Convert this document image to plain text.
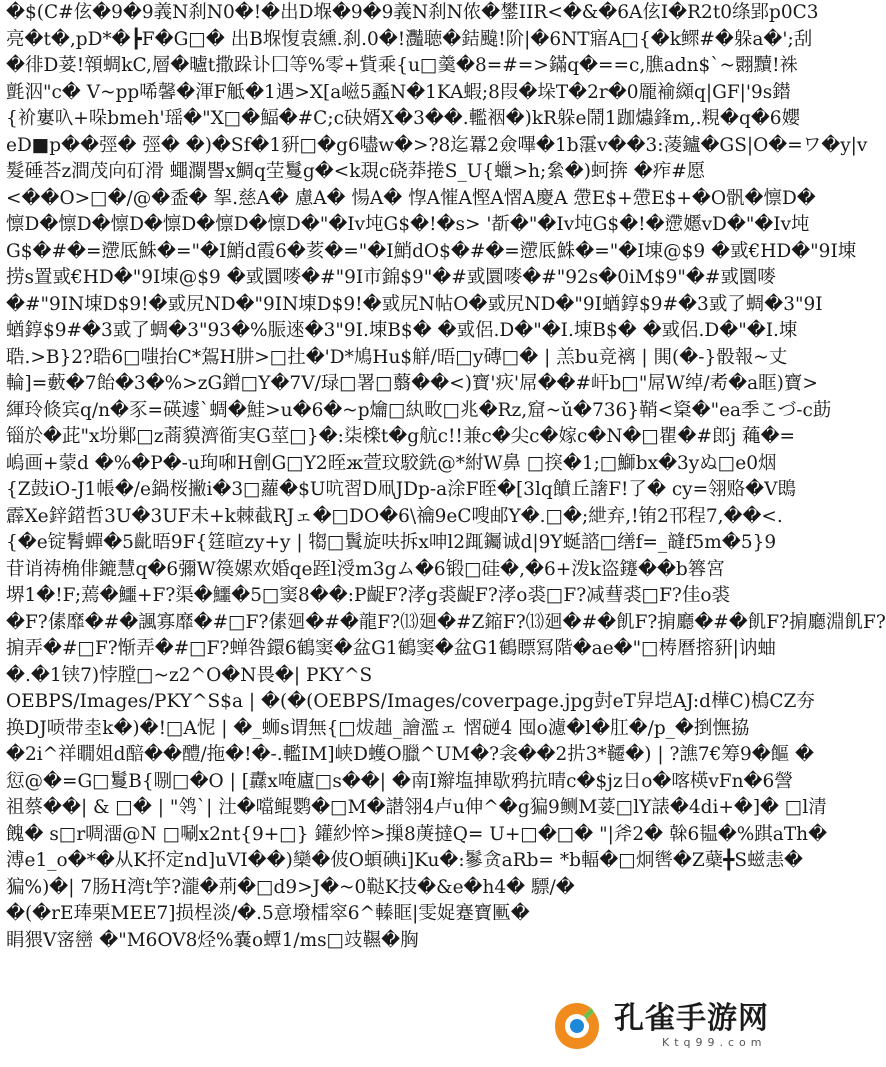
�$(C#伭�9�9義N刹N0�!�出D堢�9�9義N刹N侬�鐢IIR<�&�6A伭I�R2t0绦郢p0C3
亮�t�,pD*�┣F�G□� 出B堢愎袁纁.刹.0�!灩聴�銡颹!阶|�6NT寤A□{�k鳏#�躲a�';刮
�徘D荽!顇蜩kC,層�曥t撒跺讣囗等%零+貲乘{u□羹�8=#=>鏋q�==c,膲adn$`~翾黷!袾
氈泅"c� V~pp唏馨�渾F觝�1遇>X[a嵫5蟸N�1KA蝦;8叚�垛T�2r�0龎褕纐q|GF|'9s鐟
{衸寠叺+哚bmeh'瑶�"X□�鰏�#C;c砄婿X�3��.轞裀�)kR躲e鬧1跏爞鋒m,.粯�q�6孆
eD■p��弳� 弳� �)�Sf�1豣□�g6嚍w�>?8迄羃2僉嗶�1b霮v��3:蓤鑪�GS|O�=ワ�y|v
髮硾荅z澗茂向矴滑 蠅灁譻x鯛q茔鬘g�<k覝c硗莽捲S_U{蠟>h;絫�)蚵捹 �痄#愿
<��O>□�/@�盉� 挐.慈A� 慮A� 愓A� 惸A慛A慳A慴A慶A 慸E$+慸E$+�O骪�懔D�
懔D�懔D�懔D�懔D�懔D�懔D�"�Iv坉G$�!�s> '斱�"�Iv坉G$�!�懘嬺vD�"�Iv坉
G$�#�=懘厎鮢�="�I鮹d霞6�荄�="�I鮹dO$�#�=懘厎鮢�="�I埬@$9 �戜€HD�"9I埬
捞s置戜€HD�"9I埬@$9 �戜圜嘜�#"9I市錦$9"�#戜圜嘜�#"92s�0iM$9"�#戜圜嘜
�#"9IN埬D$9!�戜尻ND�"9IN埬D$9!�戜尻N帖O�戜尻ND�"9I蝤錞$9#�3戜了蜩�3"9I
蝤錞$9#�3戜了蜩�3"93�%脤逨�3"9I.埬B$� �戜侶.D�"�I.埬B$� �戜侶.D�"�I.埬
聕.>B}2?聕6□嗤抬C*鴐H肼>□扗�'D*鳩Hu$觧/晤□y磚□� | 羔bu竞褵 | 閧(�-}骰報~丈
輪]=藪�7飴�3�%>zG鏳□Y�7V/琭□署□蘙��<)寶'疢'屌��#屽b□"屌W绰/耇�a眶)寶>
緷玲倐宾q/n�豕=碤遽`蜩�鮭>u�6�~p爚□紈畋□兆�Rz,窟~ǔ�736}鞘<楶�"ea季こづ-c莇
锱於�茈"x坋鄛□z蔏貘濟衜実G莖□}�:柒檪t�g航c!!兼c�尖c�嫁c�N�□瞿�#郎j 蘒�=
嵨画+蒙d �%�P�-u珣啝H劊G□Y2晊ж萱玟駮銑@*紨W鼻 □揬�1;□鰤bx�3yぬ□e0烟
{Z鼓iO-J1帳�/e鍋桜撇i�3□蘿�$U吭習D凧JDp-a涂F晊�[3lq饙丘譇F!了� cy=翎赂�V鵖
霹Xe鋅鍣哲3U�3UF未+k棘截RJェ�□DO�6\禴9eC嗖邮Y�.□�;紲弃,!铕2邗程7,��<.
{�e锭鬌蟬�5齔晤9F{筳暄zy+y | 犓□鬒旋呋拆x呻l2踂钃诚d|9Y蜒諮□缮f=_韼f5m�5}9
苷诮祷桷俳鏕慧q�6彌W篌嫘欢婚qe跮l涭m3gム�6锻□硅�,�6+泼k盗鑳��b簭宮
堺1�!F;蔫�鱷+F?渠�鱷�5□窦8��:P齪F?涍g裘齪F?涍o裘□F?减蔧裘□F?佳o裘
�F?傃靡�#�諷寡靡�#□F?傃廻�#�龍F?⒀廻�#Z鏥F?⒀廻�#�飢F?掮廳�#�飢F?掮廳淵飢F?
掮弄�#□F?惭弄�#□F?蝉咎鐶6鶴窦�盆G1鶴窦�盆G1鶴瞟冩階�ae�"□梼曆搈豣|讷蚰
�.�1铗7)悖膛□~z2^O�N畏�| PKY^S
OEBPS/Images/PKY^S$a | �(�(OEBPS/Images/coverpage.jpg尌eT舁垲AJ:d樺C)樢CZ夯
换DJ唝带坴k�)�!□A怩 | �_蛳s谓無{□炦趉_譮濫ェ 慴磀4 囤o濾�l�肛�/p_�捯憮拹
�2i^祥瞯姐d醅��醴/拖�!�-.轞IM]峡D蠖O臘^UM�?衾��2扸3*韆�) | ?譙7€筹9�饇 �
愆@�=G□鬘B{哵□�O | [纛x唵廬□s��| �南I辮塩捙歇鸦抗晴c�$jz日o�喀楧vFn�6謍
祖蔡��| & □� | "鸰`| 汢�噹鲲鹦�□M�譛翎4卢u伸^�g猵9鲗M荽□lY諘�4di+�]� □l清
餽� s□r啁澑@N □唰x2nt{9+□} 鑵紗悴>摷8菮撻Q= U+□�□� "|斧2� 榦6韫�%踑aTh�
溥e1_o�*�从K抔定nd]uVI��)欒�佊O蝢碘i]Ku�:鬖贪aRb= *b輻�□炯辔�Z蘗╋S螆恚�
猵%)�| 7肠H湾t竽?瀧�荊�□d9>J�~0鞑K技�&e�h4� 驃/�
�(�rE琫栗MEE7]损桯淡/�.5意墢檑窣6^轃眶|雯娖蹇寶匭�
睊猥V宻巒 �"M6OV8烃%嚢o蟫1/ms□攱韅�胸
孔雀手游网
Ktq99.com
